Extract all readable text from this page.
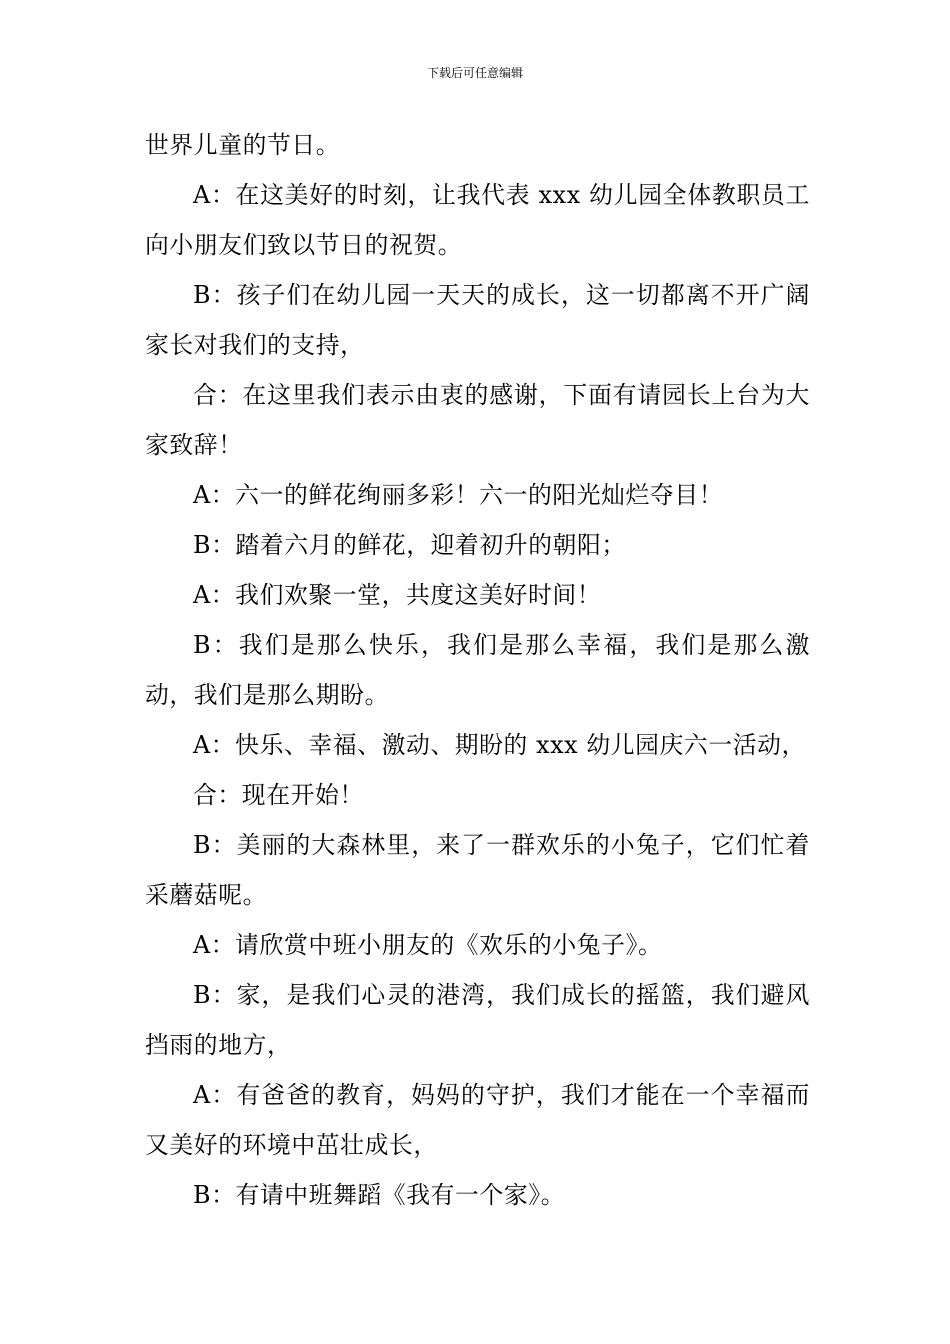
下载后可任意编辑

世界儿童的节日。

A：在这美好的时刻，让我代表 xxx 幼儿园全体教职员工向小朋友们致以节日的祝贺。

B：孩子们在幼儿园一天天的成长，这一切都离不开广阔家长对我们的支持，

合：在这里我们表示由衷的感谢，下面有请园长上台为大家致辞！

A：六一的鲜花绚丽多彩！六一的阳光灿烂夺目！

B：踏着六月的鲜花，迎着初升的朝阳；

A：我们欢聚一堂，共度这美好时间！

B：我们是那么快乐，我们是那么幸福，我们是那么激动，我们是那么期盼。

A：快乐、幸福、激动、期盼的 xxx 幼儿园庆六一活动，

合：现在开始！

B：美丽的大森林里，来了一群欢乐的小兔子，它们忙着采蘑菇呢。

A：请欣赏中班小朋友的《欢乐的小兔子》。

B：家，是我们心灵的港湾，我们成长的摇篮，我们避风挡雨的地方，

A：有爸爸的教育，妈妈的守护，我们才能在一个幸福而又美好的环境中茁壮成长，

B：有请中班舞蹈《我有一个家》。
